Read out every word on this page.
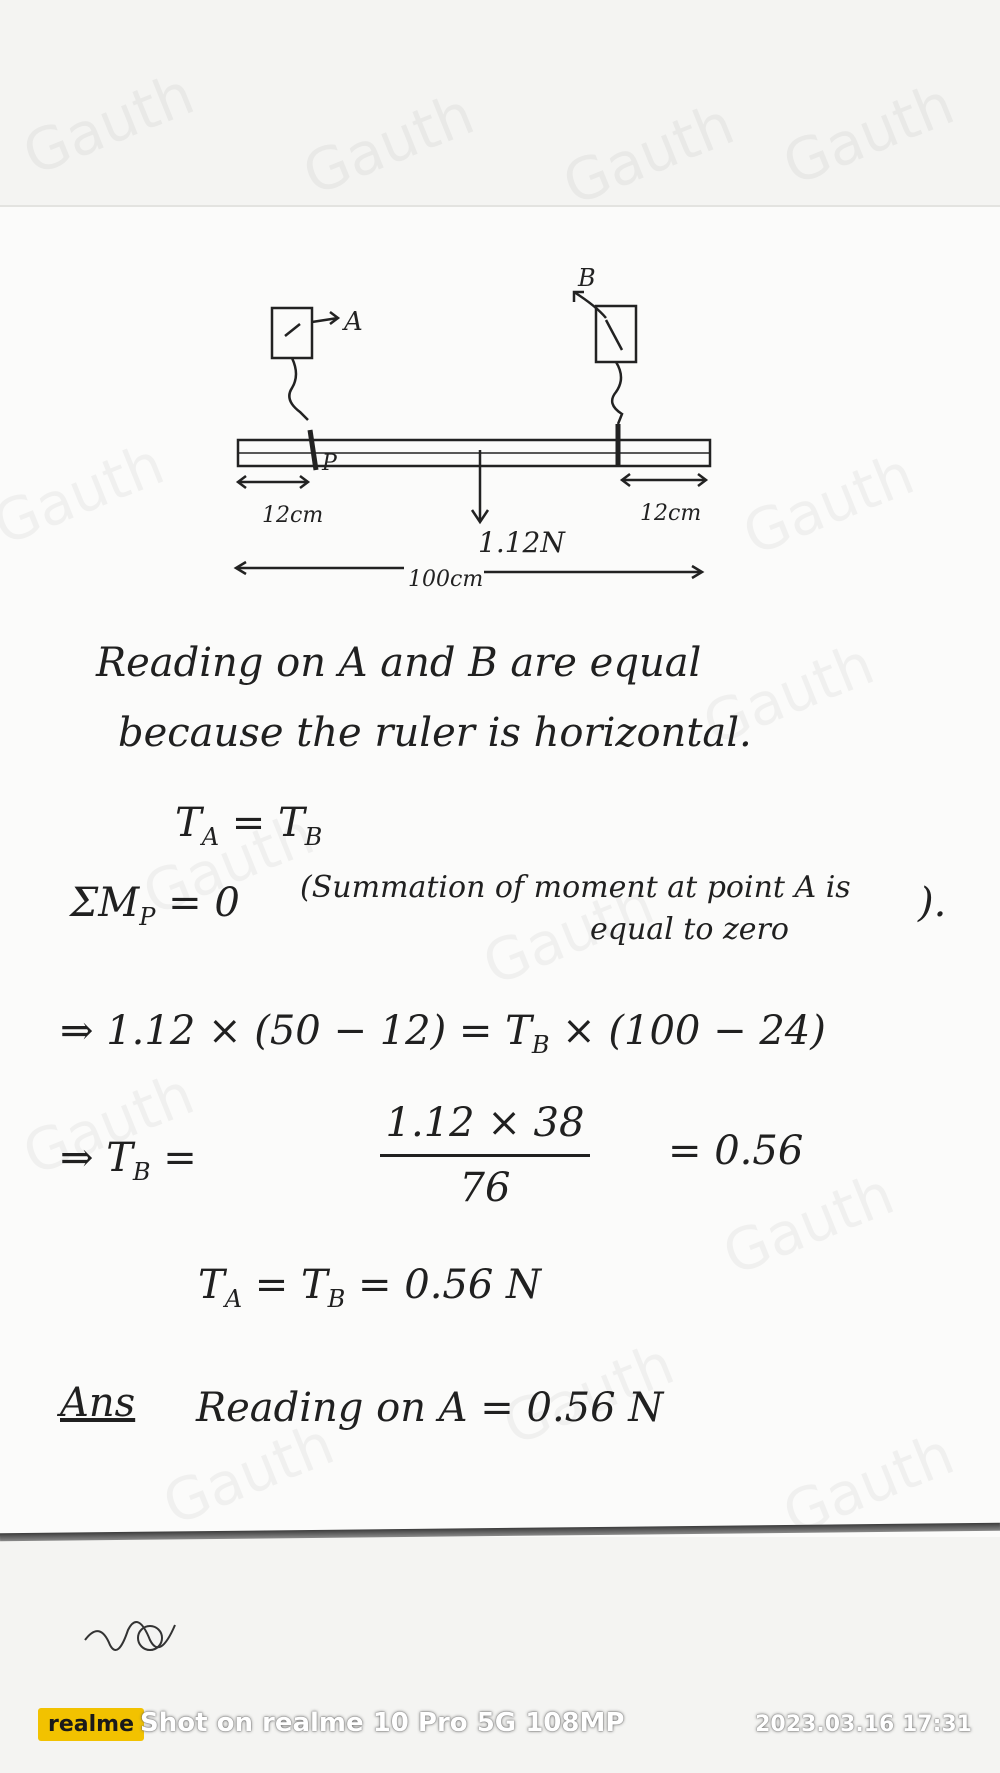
A
B
P
12cm	12cm
1.12N
100cm
Reading on A and B are equal
because the ruler is horizontal.
$T_A = T_B$
$\Sigma M_P = 0$ (Summation of moment at point A is
equal to zero
).
⇒ $1.12 \times (50 - 12) = T_B \times (100 - 24)$
⇒ $T_B$ =
1.12 × 38
76
= 0.56
$T_A = T_B = 0.56$ N
Ans Reading on A = 0.56 N
realme Shot on realme 10 Pro 5G 108MP	2023.03.16 17:31
